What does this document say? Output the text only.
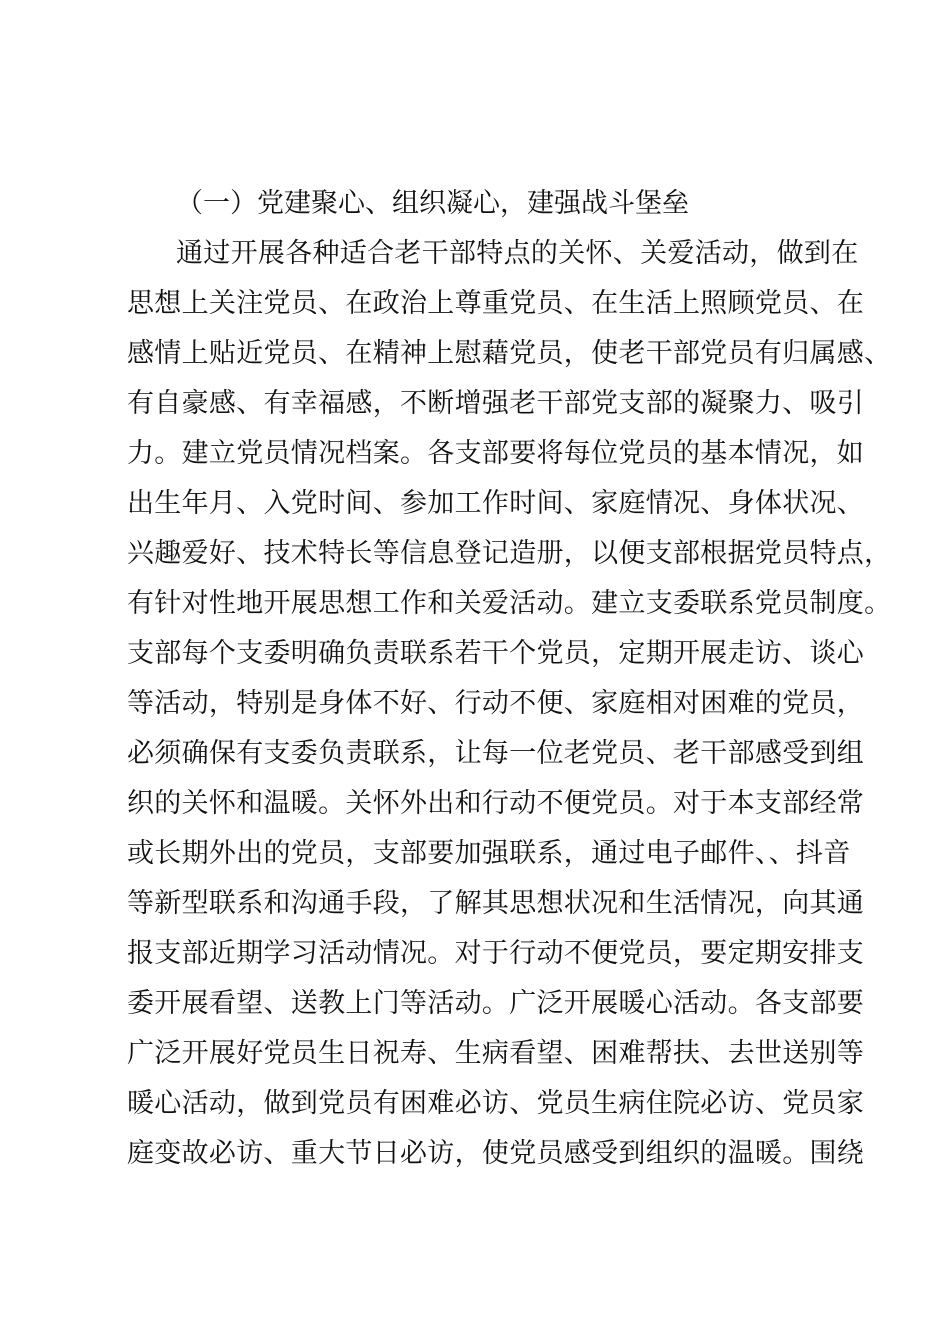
（一）党建聚心、组织凝心，建强战斗堡垒
通过开展各种适合老干部特点的关怀、关爱活动，做到在
思想上关注党员、在政治上尊重党员、在生活上照顾党员、在
感情上贴近党员、在精神上慰藉党员，使老干部党员有归属感、
有自豪感、有幸福感，不断增强老干部党支部的凝聚力、吸引
力。建立党员情况档案。各支部要将每位党员的基本情况，如
出生年月、入党时间、参加工作时间、家庭情况、身体状况、
兴趣爱好、技术特长等信息登记造册，以便支部根据党员特点，
有针对性地开展思想工作和关爱活动。建立支委联系党员制度。
支部每个支委明确负责联系若干个党员，定期开展走访、谈心
等活动，特别是身体不好、行动不便、家庭相对困难的党员，
必须确保有支委负责联系，让每一位老党员、老干部感受到组
织的关怀和温暖。关怀外出和行动不便党员。对于本支部经常
或长期外出的党员，支部要加强联系，通过电子邮件、、抖音
等新型联系和沟通手段，了解其思想状况和生活情况，向其通
报支部近期学习活动情况。对于行动不便党员，要定期安排支
委开展看望、送教上门等活动。广泛开展暖心活动。各支部要
广泛开展好党员生日祝寿、生病看望、困难帮扶、去世送别等
暖心活动，做到党员有困难必访、党员生病住院必访、党员家
庭变故必访、重大节日必访，使党员感受到组织的温暖。围绕
